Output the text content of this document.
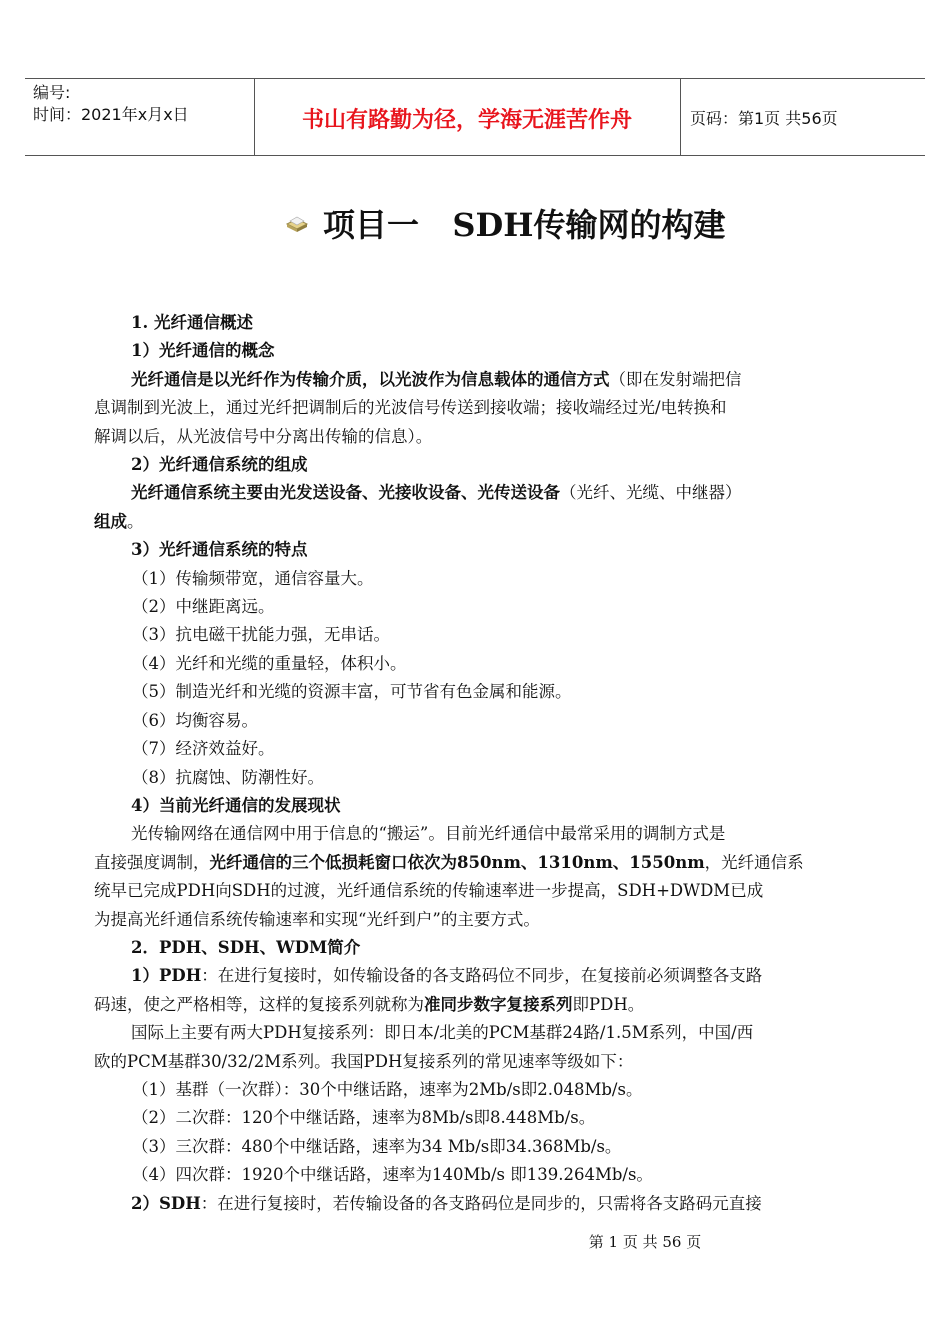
编号:
时间：2021年x月x日	书山有路勤为径，学海无涯苦作舟	页码：第1页 共56页
项目一   SDH传输网的构建
1. 光纤通信概述
1）光纤通信的概念
光纤通信是以光纤作为传输介质，以光波作为信息载体的通信方式（即在发射端把信
息调制到光波上，通过光纤把调制后的光波信号传送到接收端；接收端经过光/电转换和
解调以后，从光波信号中分离出传输的信息）。
2）光纤通信系统的组成
光纤通信系统主要由光发送设备、光接收设备、光传送设备（光纤、光缆、中继器）
组成。
3）光纤通信系统的特点
（1）传输频带宽，通信容量大。
（2）中继距离远。
（3）抗电磁干扰能力强，无串话。
（4）光纤和光缆的重量轻，体积小。
（5）制造光纤和光缆的资源丰富，可节省有色金属和能源。
（6）均衡容易。
（7）经济效益好。
（8）抗腐蚀、防潮性好。
4）当前光纤通信的发展现状
光传输网络在通信网中用于信息的“搬运”。目前光纤通信中最常采用的调制方式是
直接强度调制，光纤通信的三个低损耗窗口依次为850nm、1310nm、1550nm，光纤通信系
统早已完成PDH向SDH的过渡，光纤通信系统的传输速率进一步提高，SDH+DWDM已成
为提高光纤通信系统传输速率和实现“光纤到户”的主要方式。
2．PDH、SDH、WDM简介
1）PDH：在进行复接时，如传输设备的各支路码位不同步，在复接前必须调整各支路
码速，使之严格相等，这样的复接系列就称为准同步数字复接系列即PDH。
国际上主要有两大PDH复接系列：即日本/北美的PCM基群24路/1.5M系列，中国/西
欧的PCM基群30/32/2M系列。我国PDH复接系列的常见速率等级如下：
（1）基群（一次群）：30个中继话路，速率为2Mb/s即2.048Mb/s。
（2）二次群：120个中继话路，速率为8Mb/s即8.448Mb/s。
（3）三次群：480个中继话路，速率为34 Mb/s即34.368Mb/s。
（4）四次群：1920个中继话路，速率为140Mb/s 即139.264Mb/s。
2）SDH：在进行复接时，若传输设备的各支路码位是同步的，只需将各支路码元直接
第 1 页 共 56 页
